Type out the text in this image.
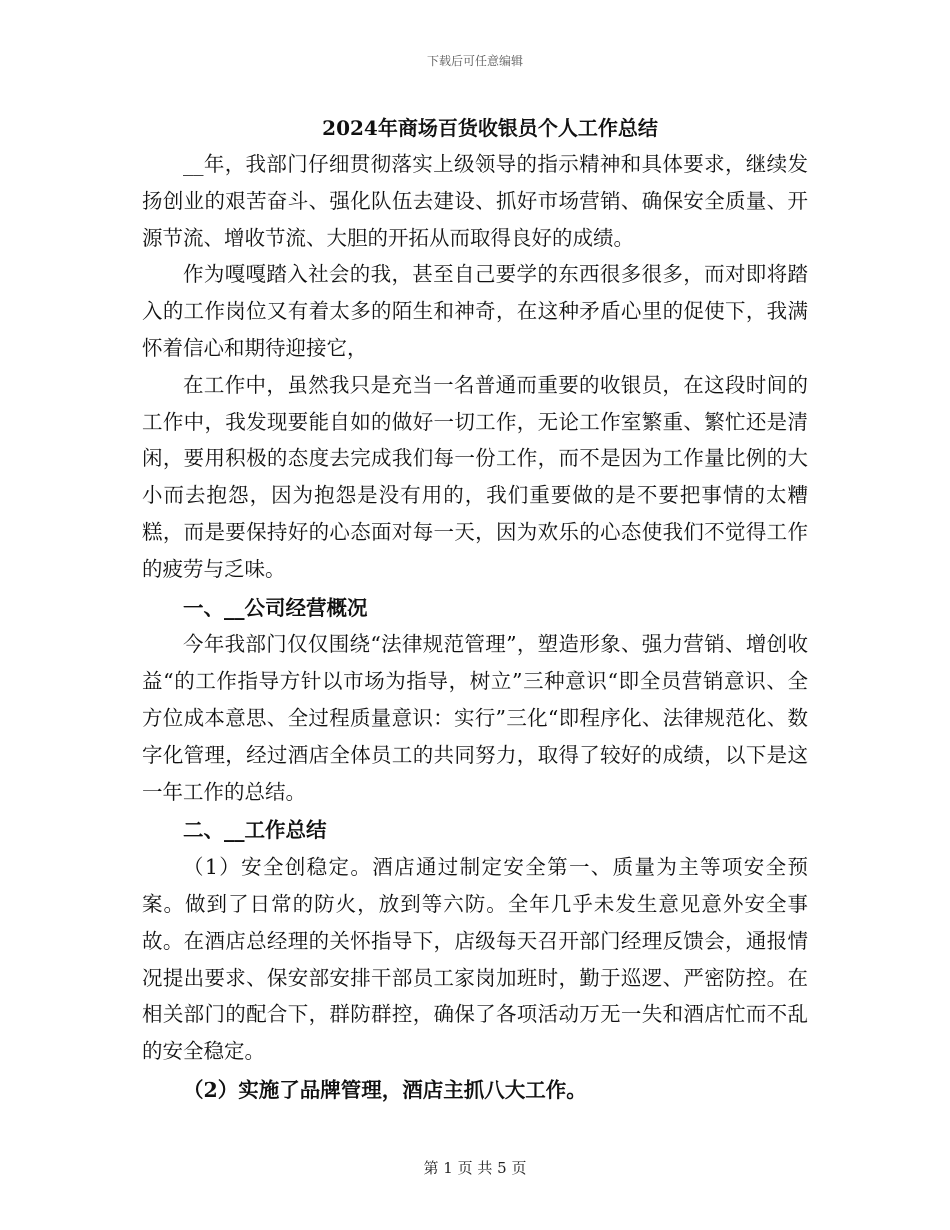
下载后可任意编辑
2024年商场百货收银员个人工作总结

__年，我部门仔细贯彻落实上级领导的指示精神和具体要求，继续发扬创业的艰苦奋斗、强化队伍去建设、抓好市场营销、确保安全质量、开源节流、增收节流、大胆的开拓从而取得良好的成绩。

作为嘎嘎踏入社会的我，甚至自己要学的东西很多很多，而对即将踏入的工作岗位又有着太多的陌生和神奇，在这种矛盾心里的促使下，我满怀着信心和期待迎接它，

在工作中，虽然我只是充当一名普通而重要的收银员，在这段时间的工作中，我发现要能自如的做好一切工作，无论工作室繁重、繁忙还是清闲，要用积极的态度去完成我们每一份工作，而不是因为工作量比例的大小而去抱怨，因为抱怨是没有用的，我们重要做的是不要把事情的太糟糕，而是要保持好的心态面对每一天，因为欢乐的心态使我们不觉得工作的疲劳与乏味。

一、__公司经营概况

今年我部门仅仅围绕“法律规范管理”，塑造形象、强力营销、增创收益“的工作指导方针以市场为指导，树立”三种意识“即全员营销意识、全方位成本意思、全过程质量意识：实行”三化“即程序化、法律规范化、数字化管理，经过酒店全体员工的共同努力，取得了较好的成绩，以下是这一年工作的总结。

二、__工作总结

（1）安全创稳定。酒店通过制定安全第一、质量为主等项安全预案。做到了日常的防火，放到等六防。全年几乎未发生意见意外安全事故。在酒店总经理的关怀指导下，店级每天召开部门经理反馈会，通报情况提出要求、保安部安排干部员工家岗加班时，勤于巡逻、严密防控。在相关部门的配合下，群防群控，确保了各项活动万无一失和酒店忙而不乱的安全稳定。

（2）实施了品牌管理，酒店主抓八大工作。

第 1 页 共 5 页
